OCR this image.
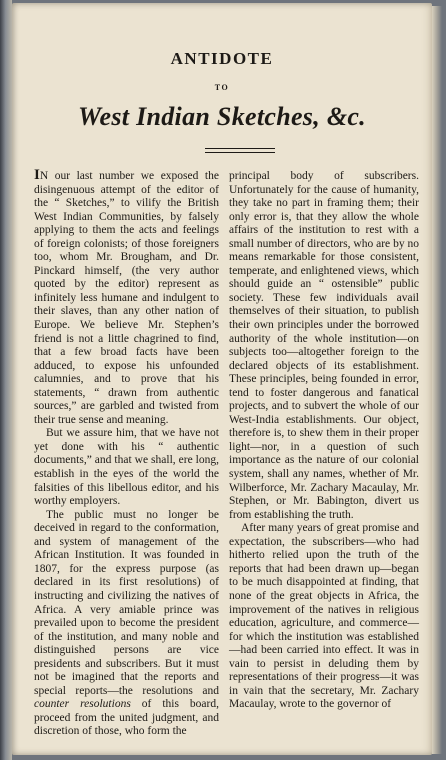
ANTIDOTE
TO
West Indian Sketches, &c.

IN our last number we exposed the disingenuous attempt of the editor of the “ Sketches,” to vilify the British West Indian Communities, by falsely applying to them the acts and feelings of foreign colonists; of those foreigners too, whom Mr. Brougham, and Dr. Pinckard himself, (the very author quoted by the editor) represent as infinitely less humane and indulgent to their slaves, than any other nation of Europe. We believe Mr. Stephen’s friend is not a little chagrined to find, that a few broad facts have been adduced, to expose his unfounded calumnies, and to prove that his statements, “ drawn from authentic sources,” are garbled and twisted from their true sense and meaning.

But we assure him, that we have not yet done with his “ authentic documents,” and that we shall, ere long, establish in the eyes of the world the falsities of this libellous editor, and his worthy employers.

The public must no longer be deceived in regard to the conformation, and system of management of the African Institution. It was founded in 1807, for the express purpose (as declared in its first resolutions) of instructing and civilizing the natives of Africa. A very amiable prince was prevailed upon to become the president of the institution, and many noble and distinguished persons are vice presidents and subscribers. But it must not be imagined that the reports and special reports—the resolutions and counter resolutions of this board, proceed from the united judgment, and discretion of those, who form the

principal body of subscribers. Unfortunately for the cause of humanity, they take no part in framing them; their only error is, that they allow the whole affairs of the institution to rest with a small number of directors, who are by no means remarkable for those consistent, temperate, and enlightened views, which should guide an “ ostensible” public society. These few individuals avail themselves of their situation, to publish their own principles under the borrowed authority of the whole institution—on subjects too—altogether foreign to the declared objects of its establishment. These principles, being founded in error, tend to foster dangerous and fanatical projects, and to subvert the whole of our West-India establishments. Our object, therefore is, to shew them in their proper light—nor, in a question of such importance as the nature of our colonial system, shall any names, whether of Mr. Wilberforce, Mr. Zachary Macaulay, Mr. Stephen, or Mr. Babington, divert us from establishing the truth.

After many years of great promise and expectation, the subscribers—who had hitherto relied upon the truth of the reports that had been drawn up—began to be much disappointed at finding, that none of the great objects in Africa, the improvement of the natives in religious education, agriculture, and commerce—for which the institution was established—had been carried into effect. It was in vain to persist in deluding them by representations of their progress—it was in vain that the secretary, Mr. Zachary Macaulay, wrote to the governor of
